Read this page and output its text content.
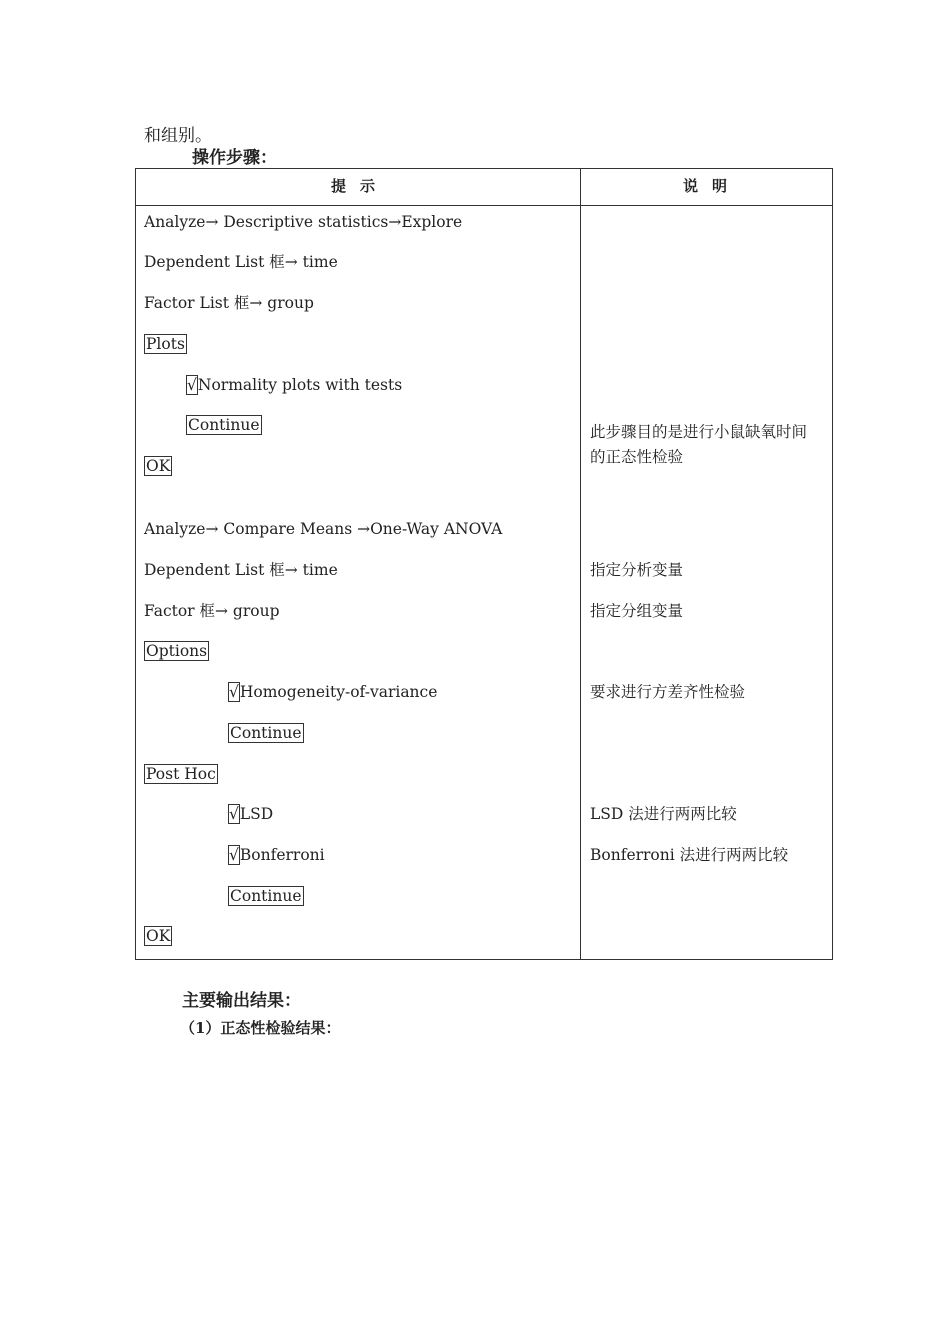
和组别。
操作步骤：
提示	说明
Analyze→ Descriptive statistics→Explore
Dependent List 框→ time
Factor List 框→ group
Plots
√Normality plots with tests
Continue
OK
Analyze→ Compare Means →One-Way ANOVA
Dependent List 框→ time
Factor 框→ group
Options
√Homogeneity-of-variance
Continue
Post Hoc
√LSD
√Bonferroni
Continue
OK
此步骤目的是进行小鼠缺氧时间
的正态性检验
指定分析变量
指定分组变量
要求进行方差齐性检验
LSD 法进行两两比较
Bonferroni 法进行两两比较
主要输出结果：
（1）正态性检验结果：
